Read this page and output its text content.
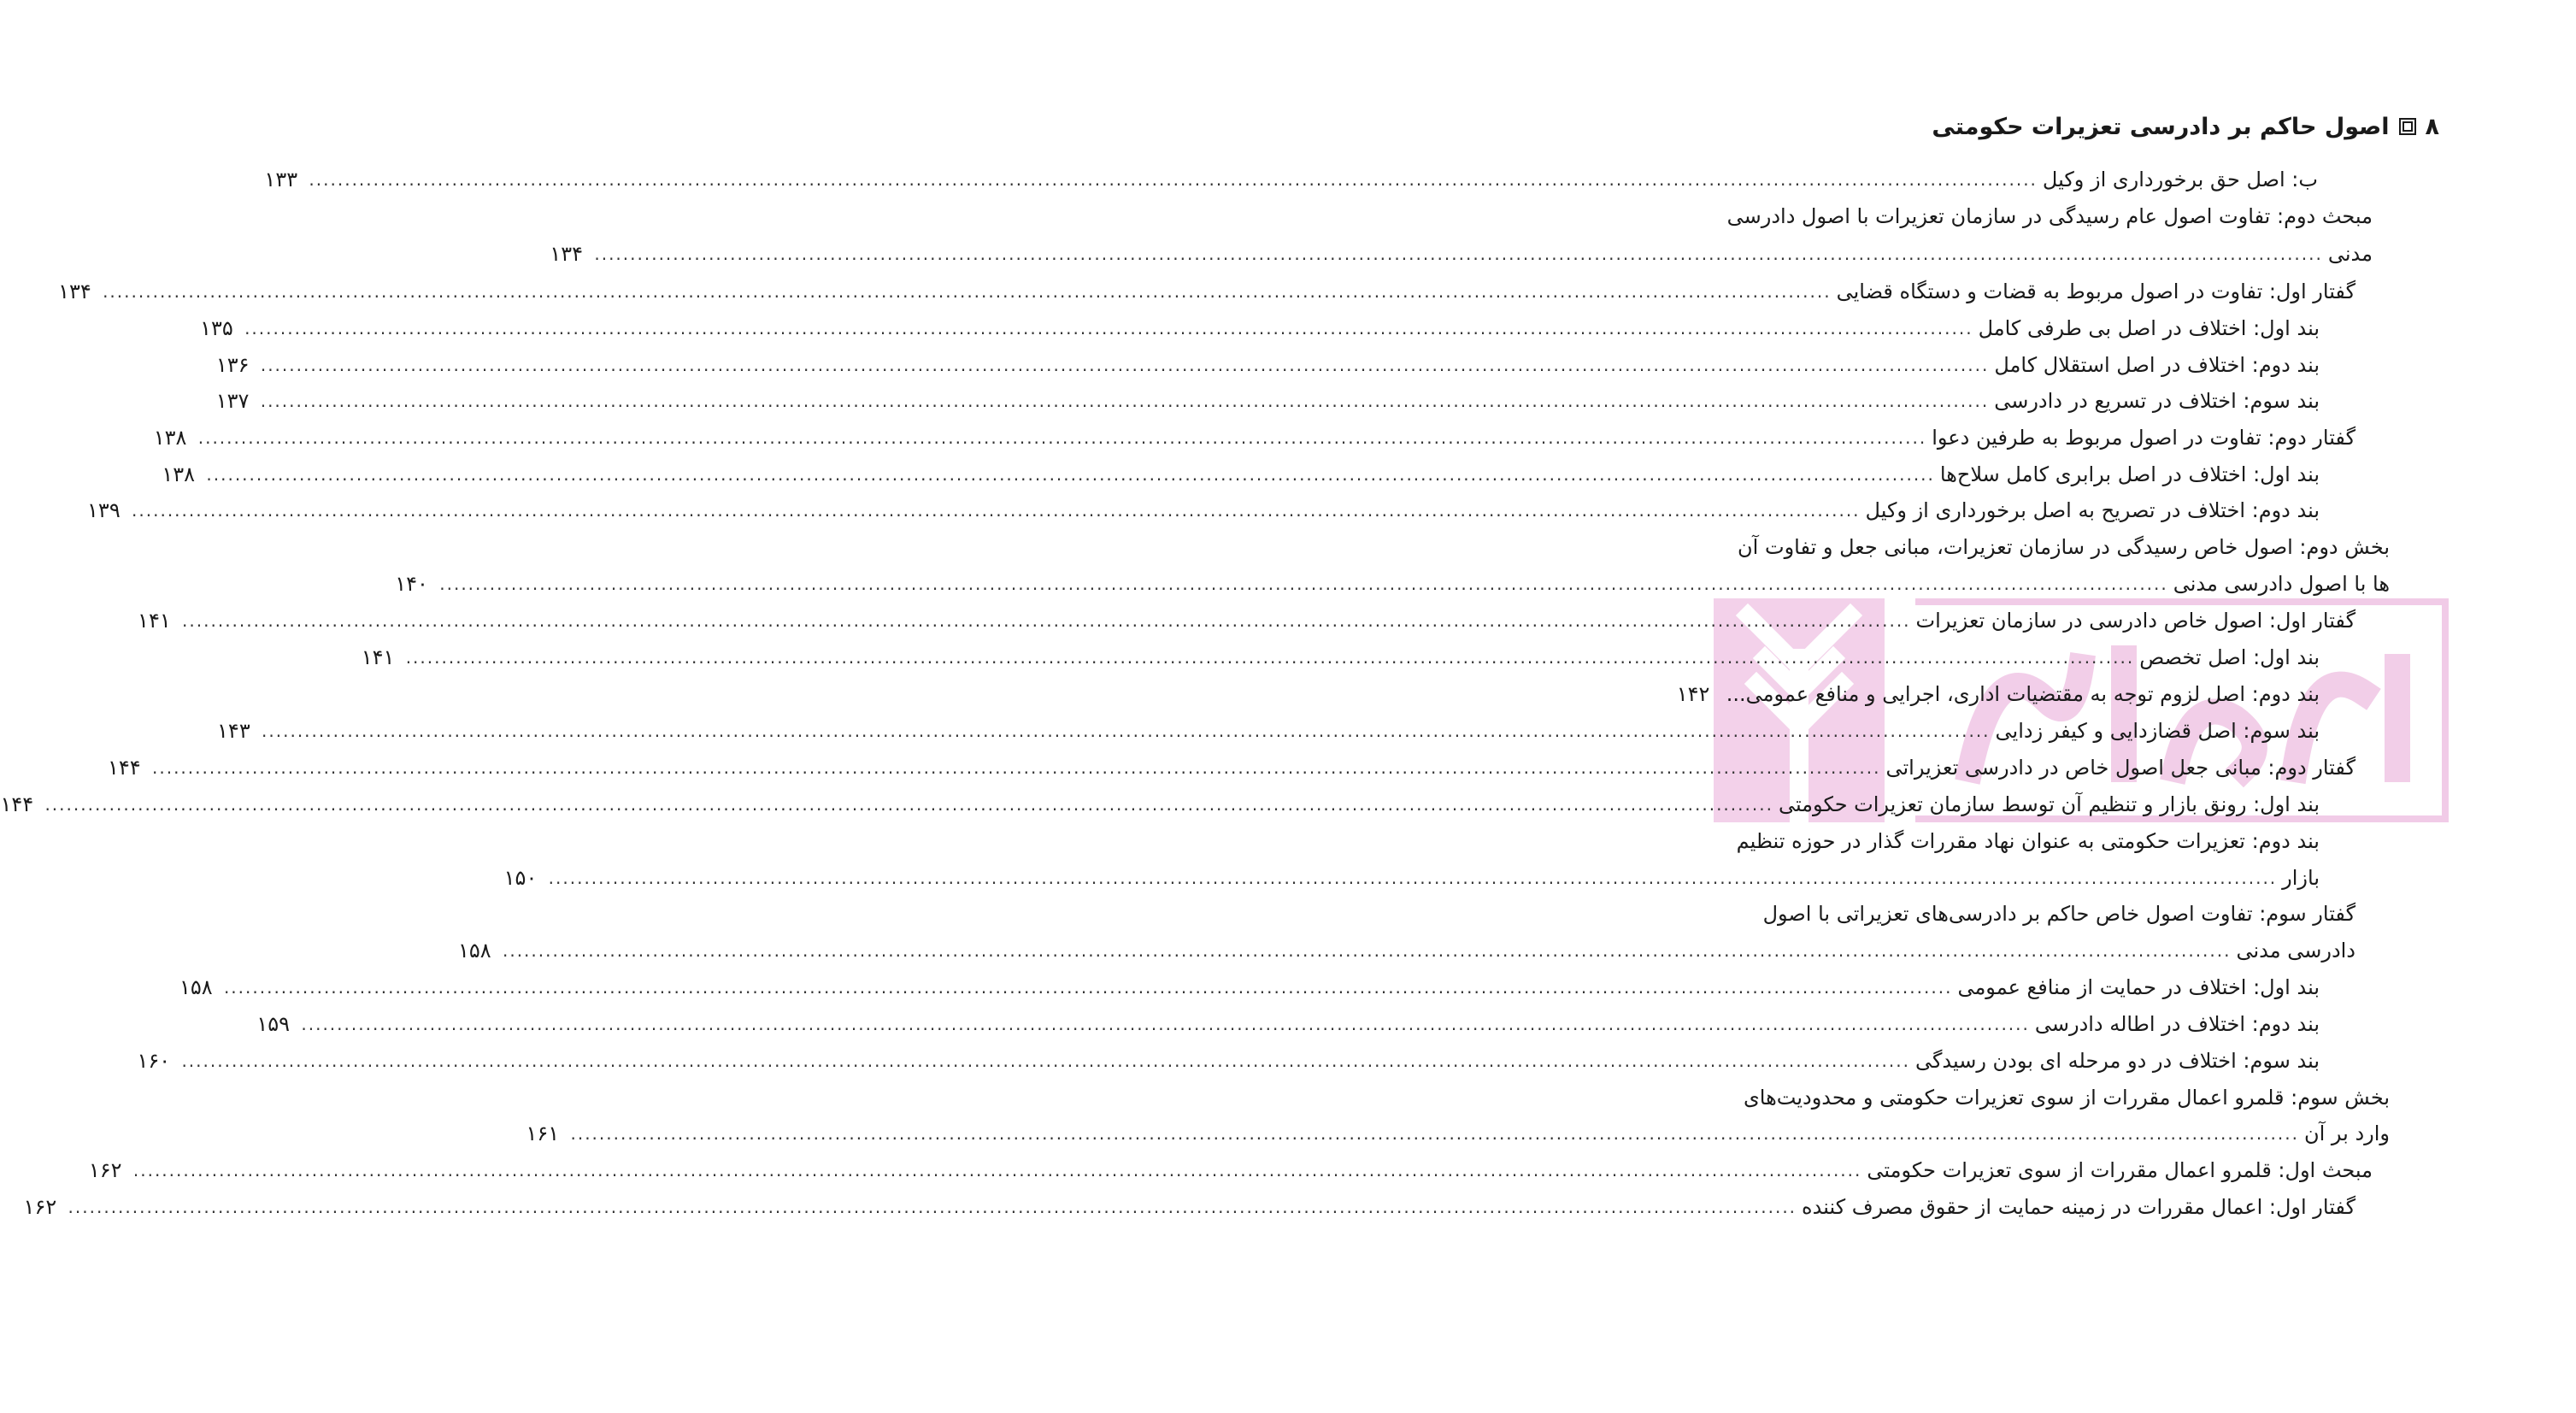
۸
اصول حاکم بر دادرسی تعزیرات حکومتی
ب: اصل حق برخورداری از وکیل
.....
۱۳۳
مبحث دوم: تفاوت اصول عام رسیدگی در سازمان تعزیرات با اصول دادرسی
مدنی
.....
۱۳۴
گفتار اول: تفاوت در اصول مربوط به قضات و دستگاه قضایی
.....
۱۳۴
بند اول: اختلاف در اصل بی طرفی کامل
.....
۱۳۵
بند دوم: اختلاف در اصل استقلال کامل
.....
۱۳۶
بند سوم: اختلاف در تسریع در دادرسی
.....
۱۳۷
گفتار دوم: تفاوت در اصول مربوط به طرفین دعوا
.....
۱۳۸
بند اول: اختلاف در اصل برابری کامل سلاح‌ها
.....
۱۳۸
بند دوم: اختلاف در تصریح به اصل برخورداری از وکیل
.....
۱۳۹
بخش دوم: اصول خاص رسیدگی در سازمان تعزیرات، مبانی جعل و تفاوت آن
ها با اصول دادرسی مدنی
.....
۱۴۰
گفتار اول: اصول خاص دادرسی در سازمان تعزیرات
.....
۱۴۱
بند اول: اصل تخصص
.....
۱۴۱
بند دوم: اصل لزوم توجه به مقتضیات اداری، اجرایی و منافع عمومی...
۱۴۲
بند سوم: اصل قضازدایی و کیفر زدایی
.....
۱۴۳
گفتار دوم: مبانی جعل اصول خاص در دادرسی تعزیراتی
.....
۱۴۴
بند اول: رونق بازار و تنظیم آن توسط سازمان تعزیرات حکومتی
.....
۱۴۴
بند دوم: تعزیرات حکومتی به عنوان نهاد مقررات گذار در حوزه تنظیم
بازار
.....
۱۵۰
گفتار سوم: تفاوت اصول خاص حاکم بر دادرسی‌های تعزیراتی با اصول
دادرسی مدنی
.....
۱۵۸
بند اول: اختلاف در حمایت از منافع عمومی
.....
۱۵۸
بند دوم: اختلاف در اطاله دادرسی
.....
۱۵۹
بند سوم: اختلاف در دو مرحله ای بودن رسیدگی
.....
۱۶۰
بخش سوم: قلمرو اعمال مقررات از سوی تعزیرات حکومتی و محدودیت‌های
وارد بر آن
.....
۱۶۱
مبحث اول: قلمرو اعمال مقررات از سوی تعزیرات حکومتی
.....
۱۶۲
گفتار اول: اعمال مقررات در زمینه حمایت از حقوق مصرف کننده
.....
۱۶۲
